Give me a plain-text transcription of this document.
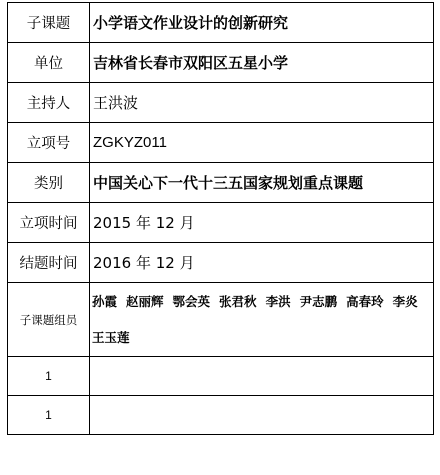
子课题	小学语文作业设计的创新研究
单位	吉林省长春市双阳区五星小学
主持人	王洪波
立项号	ZGKYZ011
类别	中国关心下一代十三五国家规划重点课题
立项时间	2015 年 12 月
结题时间	2016 年 12 月
子课题组员	孙霞 赵丽辉 鄂会英 张君秋 李洪 尹志鹏 高春玲 李炎王玉莲
1	
1	
